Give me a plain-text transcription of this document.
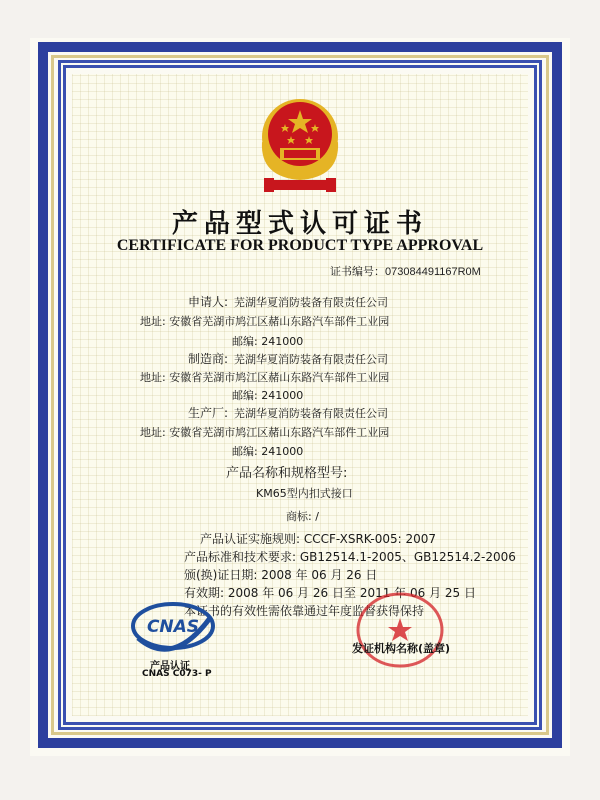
产品型式认可证书
CERTIFICATE FOR PRODUCT TYPE APPROVAL
证书编号：073084491167R0M
申请人: 芜湖华夏消防装备有限责任公司
地址: 安徽省芜湖市鸠江区赭山东路汽车部件工业园
邮编: 241000
制造商: 芜湖华夏消防装备有限责任公司
地址: 安徽省芜湖市鸠江区赭山东路汽车部件工业园
邮编: 241000
生产厂: 芜湖华夏消防装备有限责任公司
地址: 安徽省芜湖市鸠江区赭山东路汽车部件工业园
邮编: 241000
产品名称和规格型号:
KM65型内扣式接口
商标: /
产品认证实施规则: CCCF-XSRK-005: 2007
产品标准和技术要求: GB12514.1-2005、GB12514.2-2006
颁(换)证日期: 2008 年 06 月 26 日
有效期: 2008 年 06 月 26 日至 2011 年 06 月 25 日
本证书的有效性需依靠通过年度监督获得保持
CNAS
产品认证
CNAS C073- P
发证机构名称(盖章)
